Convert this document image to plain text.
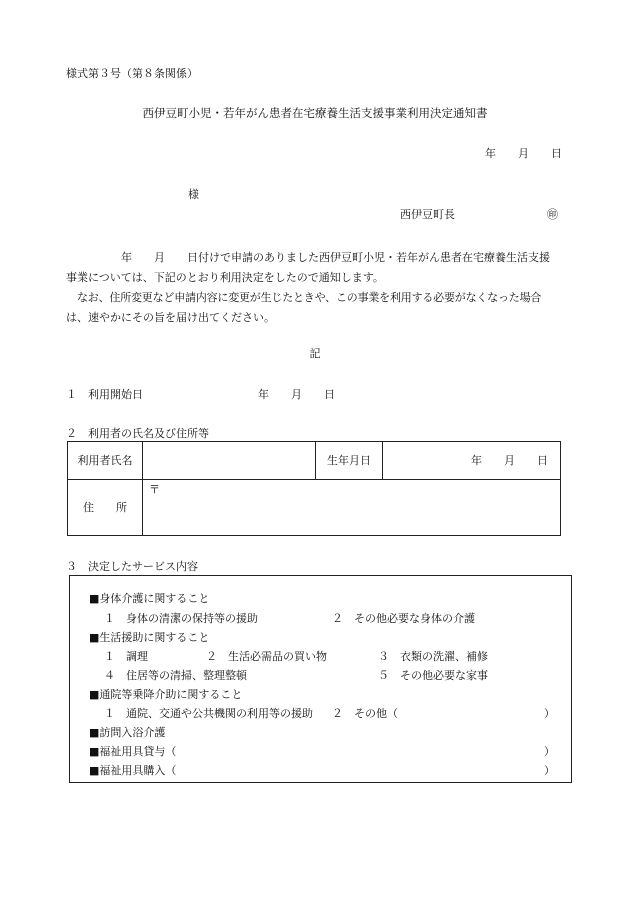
様式第３号（第８条関係）
西伊豆町小児・若年がん患者在宅療養生活支援事業利用決定通知書
年 月 日
様
西伊豆町長	㊞

年　　月　　日付けで申請のありました西伊豆町小児・若年がん患者在宅療養生活支援

事業については、下記のとおり利用決定をしたので通知します。

なお、住所変更など申請内容に変更が生じたときや、この事業を利用する必要がなくなった場合

は、速やかにその旨を届け出てください。

記
１　利用開始日	年 月 日
２　利用者の氏名及び住所等
利用者氏名		生年月日	年 月 日
住　　所	〒		
３　決定したサービス内容
■身体介護に関すること
１　身体の清潔の保持等の援助	２　その他必要な身体の介護
■生活援助に関すること
１　調理	２　生活必需品の買い物	３　衣類の洗濯、補修
４　住居等の清掃、整理整頓	５　その他必要な家事
■通院等乗降介助に関すること
１　通院、交通や公共機関の利用等の援助 ２　その他（	）
■訪問入浴介護
■福祉用具貸与（	）
■福祉用具購入（	）
